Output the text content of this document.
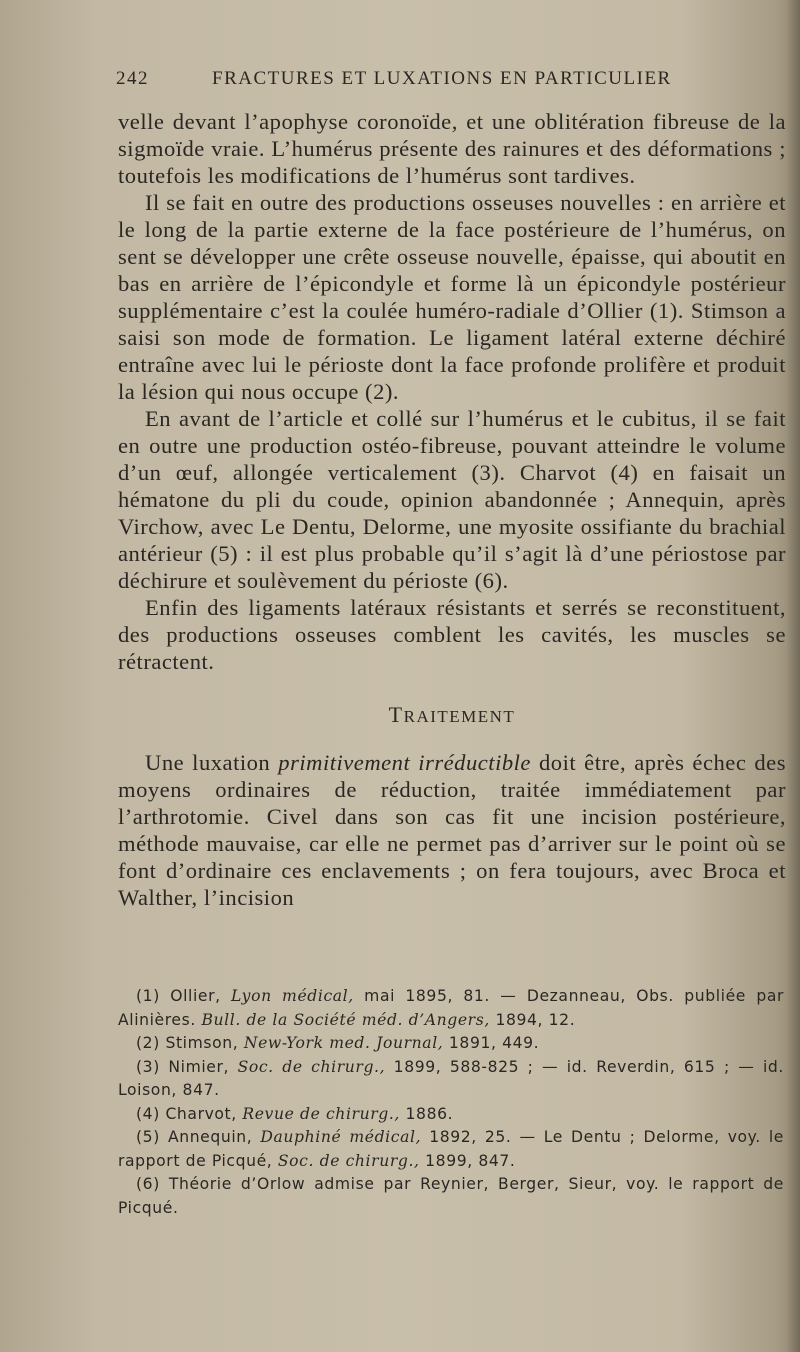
242	FRACTURES ET LUXATIONS EN PARTICULIER

velle devant l’apophyse coronoïde, et une oblitération fibreuse de la sigmoïde vraie. L’humérus présente des rainures et des déformations ; toutefois les modifications de l’humérus sont tardives.

Il se fait en outre des productions osseuses nouvelles : en arrière et le long de la partie externe de la face postérieure de l’humérus, on sent se développer une crête osseuse nouvelle, épaisse, qui aboutit en bas en arrière de l’épicondyle et forme là un épicondyle postérieur supplémentaire c’est la coulée huméro-radiale d’Ollier (1). Stimson a saisi son mode de formation. Le ligament latéral externe déchiré entraîne avec lui le périoste dont la face profonde prolifère et produit la lésion qui nous occupe (2).

En avant de l’article et collé sur l’humérus et le cubitus, il se fait en outre une production ostéo-fibreuse, pouvant atteindre le volume d’un œuf, allongée verticalement (3). Charvot (4) en faisait un hématone du pli du coude, opinion abandonnée ; Annequin, après Virchow, avec Le Dentu, Delorme, une myosite ossifiante du brachial antérieur (5) : il est plus probable qu’il s’agit là d’une périostose par déchirure et soulèvement du périoste (6).

Enfin des ligaments latéraux résistants et serrés se reconstituent, des productions osseuses comblent les cavités, les muscles se rétractent.

TRAITEMENT

Une luxation primitivement irréductible doit être, après échec des moyens ordinaires de réduction, traitée immédiatement par l’arthrotomie. Civel dans son cas fit une incision postérieure, méthode mauvaise, car elle ne permet pas d’arriver sur le point où se font d’ordinaire ces enclavements ; on fera toujours, avec Broca et Walther, l’incision

(1) Ollier, Lyon médical, mai 1895, 81. — Dezanneau, Obs. publiée par Alinières. Bull. de la Société méd. d’Angers, 1894, 12.

(2) Stimson, New-York med. Journal, 1891, 449.

(3) Nimier, Soc. de chirurg., 1899, 588-825 ; — id. Reverdin, 615 ; — id. Loison, 847.

(4) Charvot, Revue de chirurg., 1886.

(5) Annequin, Dauphiné médical, 1892, 25. — Le Dentu ; Delorme, voy. le rapport de Picqué, Soc. de chirurg., 1899, 847.

(6) Théorie d’Orlow admise par Reynier, Berger, Sieur, voy. le rapport de Picqué.
